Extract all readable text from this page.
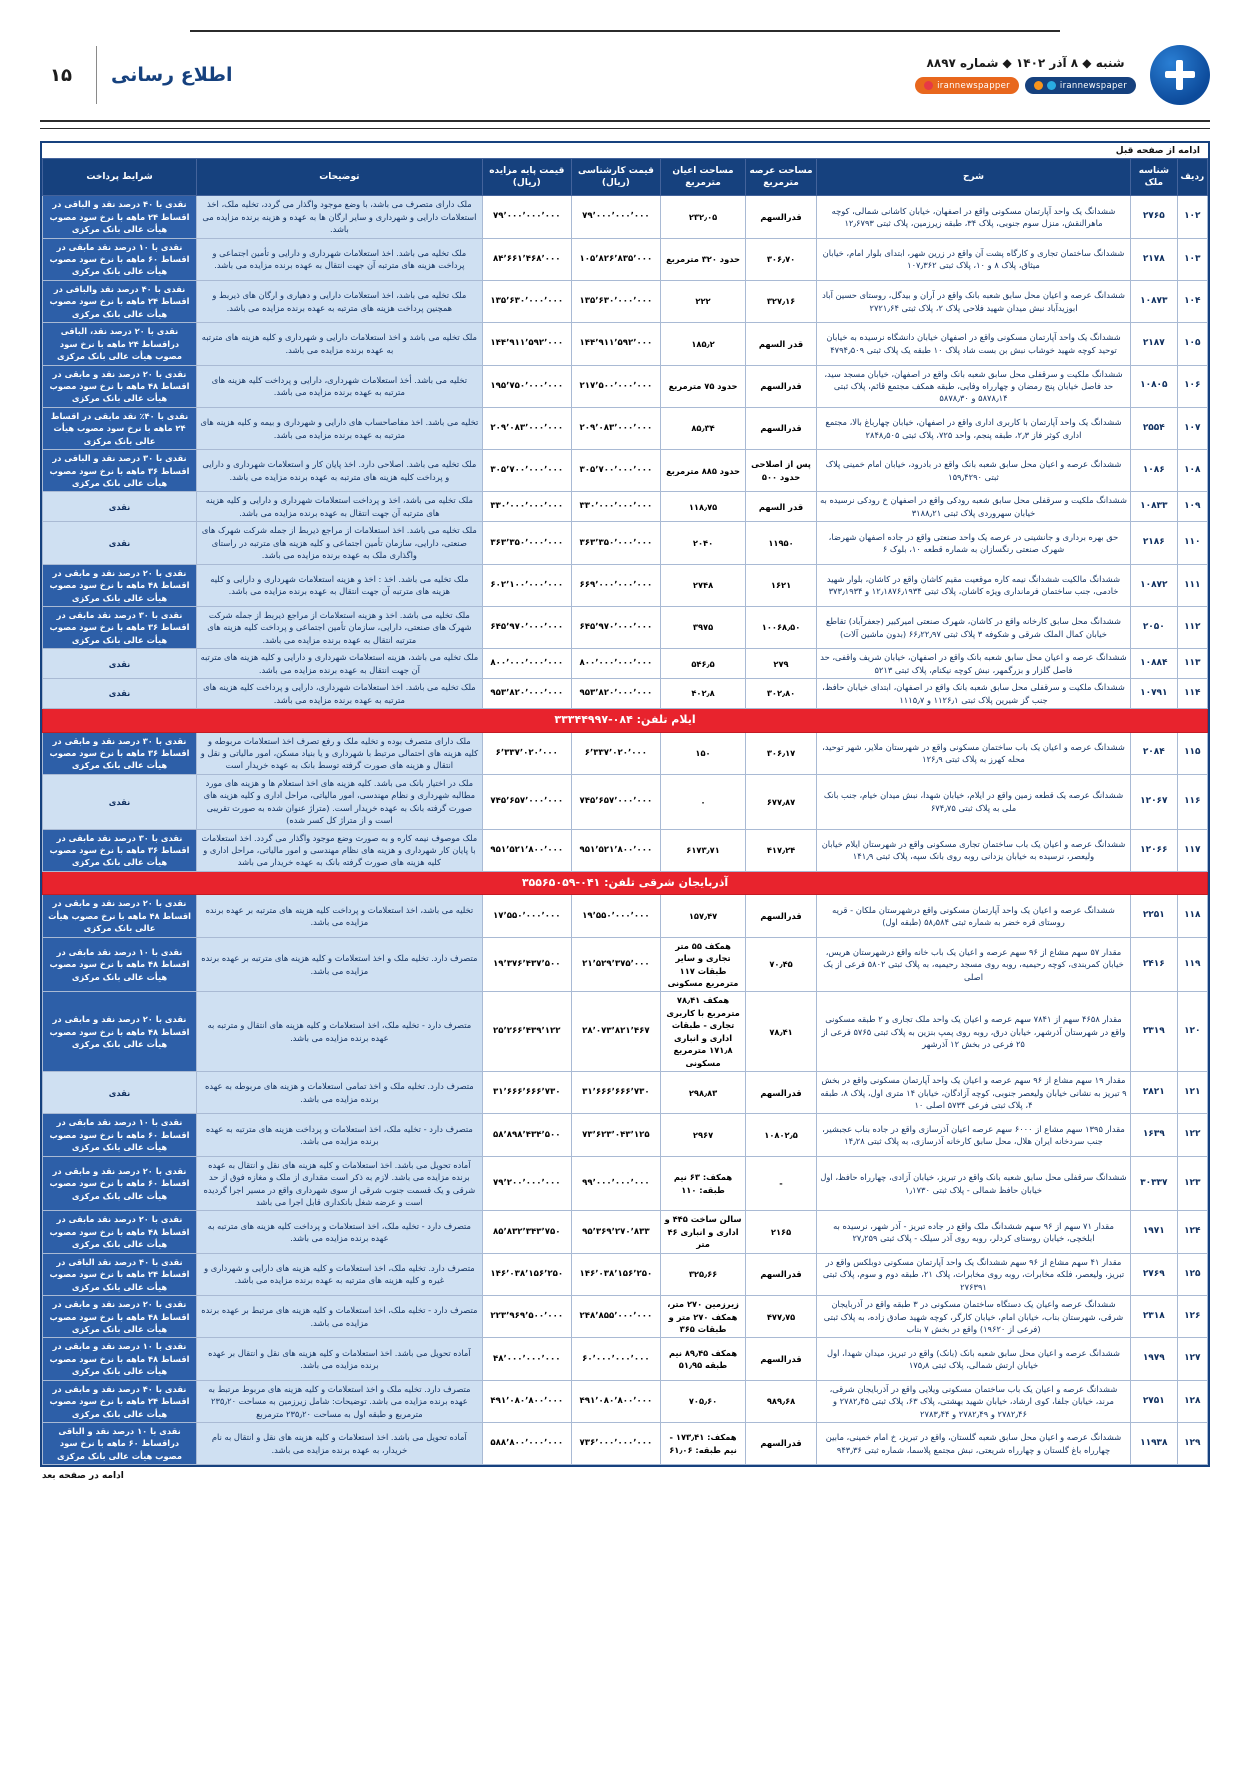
۱۵	اطلاع رسانی
شنبه ◆ ۸ آذر ۱۴۰۲ ◆ شماره ۸۸۹۷
irannewspapper	irannewspaper
ادامه از صفحه قبل
ردیف	شناسه ملک	شرح	مساحت عرصه مترمربع	مساحت اعیان مترمربع	قیمت کارشناسی (ریال)	قیمت پایه مزایده (ریال)	توضیحات	شرایط پرداخت
۱۰۲	۲۷۶۵	ششدانگ یک واحد آپارتمان مسکونی واقع در اصفهان، خیابان کاشانی شمالی، کوچه ماهرالنقش، منزل سوم جنوبی، پلاک ۳۴، طبقه زیرزمین، پلاک ثبتی ۱۲٫۶۷۹۳	قدرالسهم	۲۳۲٫۰۵	۷۹٬۰۰۰٬۰۰۰٬۰۰۰	۷۹٬۰۰۰٬۰۰۰٬۰۰۰	ملک دارای متصرف می باشد، با وضع موجود واگذار می گردد، تخلیه ملک، اخذ استعلامات دارایی و شهرداری و سایر ارگان ها به عهده و هزینه برنده مزایده می باشد.	نقدی با ۴۰ درصد نقد و الباقی در اقساط ۲۴ ماهه با نرخ سود مصوب هیأت عالی بانک مرکزی
۱۰۳	۲۱۷۸	ششدانگ ساختمان تجاری و کارگاه پشت آن واقع در زرین شهر، ابتدای بلوار امام، خیابان میثاق، پلاک ۸ و ۱۰، پلاک ثبتی ۱۰۷٫۳۶۲	۳۰۶٫۷۰	حدود ۳۲۰ مترمربع	۱۰۵٬۸۲۶٬۸۳۵٬۰۰۰	۸۴٬۶۶۱٬۴۶۸٬۰۰۰	ملک تخلیه می باشد. اخذ استعلامات شهرداری و دارایی و تأمین اجتماعی و پرداخت هزینه های مترتبه آن جهت انتقال به عهده برنده مزایده می باشد.	نقدی با ۱۰ درصد نقد مابقی در اقساط ۶۰ ماهه با نرخ سود مصوب هیأت عالی بانک مرکزی
۱۰۴	۱۰۸۷۳	ششدانگ عرصه و اعیان محل سابق شعبه بانک واقع در آران و بیدگل، روستای حسین آباد ابوزیدآباد نبش میدان شهید فلاحی پلاک ۲، پلاک ثبتی ۲۷۲۱٫۶۴	۳۲۷٫۱۶	۲۲۲	۱۳۵٬۶۳۰٬۰۰۰٬۰۰۰	۱۳۵٬۶۳۰٬۰۰۰٬۰۰۰	ملک تخلیه می باشد، اخذ استعلامات دارایی و دهیاری و ارگان های ذیربط و همچنین پرداخت هزینه های مترتبه به عهده برنده مزایده می باشد.	نقدی با ۴۰ درصد نقد والباقی در اقساط ۲۴ ماهه با نرخ سود مصوب هیأت عالی بانک مرکزی
۱۰۵	۲۱۸۷	ششدانگ یک واحد آپارتمان مسکونی واقع در اصفهان خیابان دانشگاه نرسیده به خیابان توحید کوچه شهید خوشاب نبش بن بست شاد پلاک ۱۰ طبقه یک پلاک ثبتی ۴۷۹۴٫۵۰۹	قدر السهم	۱۸۵٫۲	۱۴۴٬۹۱۱٬۵۹۲٬۰۰۰	۱۴۴٬۹۱۱٬۵۹۲٬۰۰۰	ملک تخلیه می باشد و اخذ استعلامات دارایی و شهرداری و کلیه هزینه های مترتبه به عهده برنده مزایده می باشد.	نقدی با ۲۰ درصد نقد، الباقی دراقساط ۲۴ ماهه با نرخ سود مصوب هیأت عالی بانک مرکزی
۱۰۶	۱۰۸۰۵	ششدانگ ملکیت و سرقفلی محل سابق شعبه بانک واقع در اصفهان، خیابان مسجد سید، حد فاصل خیابان پنج رمضان و چهارراه وفایی، طبقه همکف مجتمع قائم، پلاک ثبتی ۵۸۷۸٫۱۴ و ۵۸۷۸٫۳۰	قدرالسهم	حدود ۷۵ مترمربع	۲۱۷٬۵۰۰٬۰۰۰٬۰۰۰	۱۹۵٬۷۵۰٬۰۰۰٬۰۰۰	تخلیه می باشد. أخذ استعلامات شهرداری، دارایی و پرداخت کلیه هزینه های مترتبه به عهده برنده مزایده می باشد.	نقدی با ۲۰ درصد نقد و مابقی در اقساط ۴۸ ماهه با نرخ سود مصوب هیأت عالی بانک مرکزی
۱۰۷	۲۵۵۴	ششدانگ یک واحد آپارتمان با کاربری اداری واقع در اصفهان، خیابان چهارباغ بالا، مجتمع اداری کوثر فاز ۲٫۳، طبقه پنجم، واحد ۷۲۵، پلاک ثبتی ۲۸۴۸٫۵۰۵	قدرالسهم	۸۵٫۳۴	۲۰۹٬۰۸۳٬۰۰۰٬۰۰۰	۲۰۹٬۰۸۳٬۰۰۰٬۰۰۰	تخلیه می باشد. اخذ مفاصاحساب های دارایی و شهرداری و بیمه و کلیه هزینه های مترتبه به عهده برنده مزایده می باشد.	نقدی با ۴۰٪ نقد مابقی در اقساط ۲۴ ماهه با نرخ سود مصوب هیأت عالی بانک مرکزی
۱۰۸	۱۰۸۶	ششدانگ عرصه و اعیان محل سابق شعبه بانک واقع در بادرود، خیابان امام خمینی پلاک ثبتی ۱۵۹٫۴۲۹۰	پس از اصلاحی حدود ۵۰۰	حدود ۸۸۵ مترمربع	۳۰۵٬۷۰۰٬۰۰۰٬۰۰۰	۳۰۵٬۷۰۰٬۰۰۰٬۰۰۰	ملک تخلیه می باشد. اصلاحی دارد. اخذ پایان کار و استعلامات شهرداری و دارایی و پرداخت کلیه هزینه های مترتبه به عهده برنده مزایده می باشد.	نقدی با ۳۰ درصد نقد و الباقی در اقساط ۳۶ ماهه با نرخ سود مصوب هیأت عالی بانک مرکزی
۱۰۹	۱۰۸۳۳	ششدانگ ملکیت و سرقفلی محل سابق شعبه رودکی واقع در اصفهان خ رودکی نرسیده به خیابان سهروردی پلاک ثبتی ۳۱۸۸٫۲۱	قدر السهم	۱۱۸٫۷۵	۳۳۰٬۰۰۰٬۰۰۰٬۰۰۰	۳۳۰٬۰۰۰٬۰۰۰٬۰۰۰	ملک تخلیه می باشد، اخذ و پرداخت استعلامات شهرداری و دارایی و کلیه هزینه های مترتبه آن جهت انتقال به عهده برنده مزایده می باشد.	نقدی
۱۱۰	۲۱۸۶	حق بهره برداری و جانشینی در عرصه یک واحد صنعتی واقع در جاده اصفهان شهرضا، شهرک صنعتی رنگسازان به شماره قطعه ۱۰، بلوک ۶	۱۱۹۵۰	۲۰۴۰	۳۶۳٬۳۵۰٬۰۰۰٬۰۰۰	۳۶۳٬۳۵۰٬۰۰۰٬۰۰۰	ملک تخلیه می باشد. اخذ استعلامات از مراجع ذیربط از جمله شرکت شهرک های صنعتی، دارایی، سازمان تأمین اجتماعی و کلیه هزینه های مترتبه در راستای واگذاری ملک به عهده برنده مزایده می باشد.	نقدی
۱۱۱	۱۰۸۷۲	ششدانگ مالکیت ششدانگ نیمه کاره موقعیت مقیم کاشان واقع در کاشان، بلوار شهید خادمی، جنب ساختمان فرمانداری ویژه کاشان، پلاک ثبتی ۱۲٫۱۸۷۶٫۱۹۳۴ و ۳۷۳٫۱۹۳۴	۱۶۲۱	۲۷۴۸	۶۶۹٬۰۰۰٬۰۰۰٬۰۰۰	۶۰۲٬۱۰۰٬۰۰۰٬۰۰۰	ملک تخلیه می باشد. اخذ : اخذ و هزینه استعلامات شهرداری و دارایی و کلیه هزینه های مترتبه آن جهت انتقال به عهده برنده مزایده می باشد.	نقدی با ۲۰ درصد نقد و مابقی در اقساط ۴۸ ماهه با نرخ سود مصوب هیأت عالی بانک مرکزی
۱۱۲	۲۰۵۰	ششدانگ محل سابق کارخانه واقع در کاشان، شهرک صنعتی امیرکبیر (جعفرآباد) تقاطع خیابان کمال الملک شرقی و شکوفه ۳ پلاک ثبتی ۶۶٫۲۲٫۹۷ (بدون ماشین آلات)	۱۰۰۶۸٫۵۰	۳۹۷۵	۶۴۵٬۹۷۰٬۰۰۰٬۰۰۰	۶۴۵٬۹۷۰٬۰۰۰٬۰۰۰	ملک تخلیه می باشد. اخذ و هزینه استعلامات از مراجع ذیربط از جمله شرکت شهرک های صنعتی، دارایی، سازمان تأمین اجتماعی و پرداخت کلیه هزینه های مترتبه انتقال به عهده برنده مزایده می باشد.	نقدی با ۳۰ درصد نقد مابقی در اقساط ۳۶ ماهه با نرخ سود مصوب هیأت عالی بانک مرکزی
۱۱۳	۱۰۸۸۴	ششدانگ عرصه و اعیان محل سابق شعبه بانک واقع در اصفهان، خیابان شریف واقفی، حد فاصل گلزار و بزرگمهر، نبش کوچه نیکنام، پلاک ثبتی ۵۲۱۳	۲۷۹	۵۴۶٫۵	۸۰۰٬۰۰۰٬۰۰۰٬۰۰۰	۸۰۰٬۰۰۰٬۰۰۰٬۰۰۰	ملک تخلیه می باشد، هزینه استعلامات شهرداری و دارایی و کلیه هزینه های مترتبه آن جهت انتقال به عهده برنده مزایده می باشد.	نقدی
۱۱۴	۱۰۷۹۱	ششدانگ ملکیت و سرقفلی محل سابق شعبه بانک واقع در اصفهان، ابتدای خیابان حافظ، جنب گز شیرین پلاک ثبتی ۱۱۲۶٫۱ و ۱۱۱۵٫۷	۳۰۲٫۸۰	۴۰۲٫۸	۹۵۳٬۸۲۰٬۰۰۰٬۰۰۰	۹۵۳٬۸۲۰٬۰۰۰٬۰۰۰	ملک تخلیه می باشد. اخذ استعلامات شهرداری، دارایی و پرداخت کلیه هزینه های مترتبه به عهده برنده مزایده می باشد.	نقدی
ایلام تلفن: ۰۸۴-۳۳۳۴۴۹۹۷								
۱۱۵	۲۰۸۴	ششدانگ عرصه و اعیان یک باب ساختمان مسکونی واقع در شهرستان ملایر، شهر توحید، محله کهرز به پلاک ثبتی ۱۲۶٫۹	۳۰۶٫۱۷	۱۵۰	۶٬۳۳۷٬۰۲۰٬۰۰۰	۶٬۳۳۷٬۰۲۰٬۰۰۰	ملک دارای متصرف بوده و تخلیه ملک و رفع تصرف اخذ استعلامات مربوطه و کلیه هزینه های احتمالی مرتبط با شهرداری و یا بنیاد مسکن، امور مالیاتی و نقل و انتقال و هزینه های صورت گرفته توسط بانک به عهده خریدار است	نقدی با ۳۰ درصد نقد و مابقی در اقساط ۳۶ ماهه با نرخ سود مصوب هیأت عالی بانک مرکزی
۱۱۶	۱۲۰۶۷	ششدانگ عرصه یک قطعه زمین واقع در ایلام، خیابان شهدا، نبش میدان خیام، جنب بانک ملی به پلاک ثبتی ۶۷۴٫۷۵	۶۷۷٫۸۷	۰	۷۴۵٬۶۵۷٬۰۰۰٬۰۰۰	۷۴۵٬۶۵۷٬۰۰۰٬۰۰۰	ملک در اختیار بانک می باشد. کلیه هزینه های اخذ استعلام ها و هزینه های مورد مطالبه شهرداری و نظام مهندسی، امور مالیاتی، مراحل اداری و کلیه هزینه های صورت گرفته بانک به عهده خریدار است. (متراژ عنوان شده به صورت تقریبی است و از متراژ کل کسر شده)	نقدی
۱۱۷	۱۲۰۶۶	ششدانگ عرصه و اعیان یک باب ساختمان تجاری مسکونی واقع در شهرستان ایلام خیابان ولیعصر، نرسیده به خیابان یزدانی روبه روی بانک سپه، پلاک ثبتی ۱۴۱٫۹	۴۱۷٫۲۴	۶۱۷۳٫۷۱	۹۵۱٬۵۲۱٬۸۰۰٬۰۰۰	۹۵۱٬۵۲۱٬۸۰۰٬۰۰۰	ملک موصوف نیمه کاره و به صورت وضع موجود واگذار می گردد. اخذ استعلامات با پایان کار شهرداری و هزینه های نظام مهندسی و امور مالیاتی، مراحل اداری و کلیه هزینه های صورت گرفته بانک به عهده خریدار می باشد	نقدی با ۳۰ درصد نقد مابقی در اقساط ۳۶ ماهه با نرخ سود مصوب هیأت عالی بانک مرکزی
آذربایجان شرقی تلفن: ۰۴۱-۳۵۵۶۵۰۵۹								
۱۱۸	۲۲۵۱	ششدانگ عرصه و اعیان یک واحد آپارتمان مسکونی واقع درشهرستان ملکان - قریه روستای قره خضر به شماره ثبتی ۵۸٫۵۸۴ (طبقه اول)	قدرالسهم	۱۵۷٫۴۷	۱۹٬۵۵۰٬۰۰۰٬۰۰۰	۱۷٬۵۵۰٬۰۰۰٬۰۰۰	تخلیه می باشد، اخذ استعلامات و پرداخت کلیه هزینه های مترتبه بر عهده برنده مزایده می باشد.	نقدی با ۲۰ درصد نقد و مابقی در اقساط ۴۸ ماهه با نرخ مصوب هیأت عالی بانک مرکزی
۱۱۹	۲۴۱۶	مقدار ۵۷ سهم مشاع از ۹۶ سهم عرصه و اعیان یک باب خانه واقع درشهرستان هریس، خیابان کمربندی، کوچه رحیمیه، روبه روی مسجد رحیمیه، به پلاک ثبتی ۵۸۰۲ فرعی از یک اصلی	۷۰٫۴۵	همکف ۵۵ متر تجاری و سایر طبقات ۱۱۷ مترمربع مسکونی	۲۱٬۵۲۹٬۳۷۵٬۰۰۰	۱۹٬۳۷۶٬۴۳۷٬۵۰۰	متصرف دارد. تخلیه ملک و اخذ استعلامات و کلیه هزینه های مترتبه بر عهده برنده مزایده می باشد.	نقدی با ۱۰ درصد نقد مابقی در اقساط ۴۸ ماهه با نرخ سود مصوب هیأت عالی بانک مرکزی
۱۲۰	۲۳۱۹	مقدار ۴۶۵۸ سهم از ۷۸۴۱ سهم عرصه و اعیان یک واحد ملک تجاری و ۲ طبقه مسکونی واقع در شهرستان آذرشهر، خیابان درق، روبه روی پمپ بنزین به پلاک ثبتی ۵۷۶۵ فرعی از ۲۵ فرعی در بخش ۱۲ آذرشهر	۷۸٫۴۱	همکف ۷۸٫۴۱ مترمربع با کاربری تجاری - طبقات اداری و انباری ۱۷۱٫۸ مترمربع مسکونی	۲۸٬۰۷۳٬۸۲۱٬۴۶۷	۲۵٬۲۶۶٬۴۳۹٬۱۲۲	متصرف دارد - تخلیه ملک، اخذ استعلامات و کلیه هزینه های انتقال و مترتبه به عهده برنده مزایده می باشد.	نقدی با ۲۰ درصد نقد و مابقی در اقساط ۴۸ ماهه با نرخ سود مصوب هیأت عالی بانک مرکزی
۱۲۱	۲۸۲۱	مقدار ۱۹ سهم مشاع از ۹۶ سهم عرصه و اعیان یک واحد آپارتمان مسکونی واقع در بخش ۹ تبریز به نشانی خیابان ولیعصر جنوبی، کوچه آزادگان، خیابان ۱۴ متری اول، پلاک ۸، طبقه ۴، پلاک ثبتی فرعی ۵۷۳۴ اصلی ۱۰	قدرالسهم	۲۹۸٫۸۳	۳۱٬۶۶۶٬۶۶۶٬۷۳۰	۳۱٬۶۶۶٬۶۶۶٬۷۳۰	متصرف دارد. تخلیه ملک و اخذ تمامی استعلامات و هزینه های مربوطه به عهده برنده مزایده می باشد.	نقدی
۱۲۲	۱۶۳۹	مقدار ۱۳۹۵ سهم مشاع از ۶۰۰۰ سهم عرصه اعیان آذرسازی واقع در جاده بناب عجبشیر، جنب سردخانه ایران هلال، محل سابق کارخانه آذرسازی، به پلاک ثبتی ۱۴٫۲۸	۱۰۸۰۲٫۵	۲۹۶۷	۷۳٬۶۲۳٬۰۴۳٬۱۲۵	۵۸٬۸۹۸٬۴۳۴٬۵۰۰	متصرف دارد - تخلیه ملک، اخذ استعلامات و پرداخت هزینه های مترتبه به عهده برنده مزایده می باشد.	نقدی با ۱۰ درصد نقد مابقی در اقساط ۶۰ ماهه با نرخ سود مصوب هیأت عالی بانک مرکزی
۱۲۳	۳۰۳۳۷	ششدانگ سرقفلی محل سابق شعبه بانک واقع در تبریز، خیابان آزادی، چهارراه حافظ، اول خیابان حافظ شمالی - پلاک ثبتی ۱٫۱۷۳۰	-	همکف: ۶۳ نیم طبقه: ۱۱۰	۹۹٬۰۰۰٬۰۰۰٬۰۰۰	۷۹٬۲۰۰٬۰۰۰٬۰۰۰	آماده تحویل می باشد. اخذ استعلامات و کلیه هزینه های نقل و انتقال به عهده برنده مزایده می باشد. لازم به ذکر است مقداری از ملک و مغازه فوق از حد شرقی و یک قسمت جنوب شرقی از سوی شهرداری واقع در مسیر اجرا گردیده است و عرضه شغل بانکداری قابل اجرا می باشد	نقدی با ۲۰ درصد نقد و مابقی در اقساط ۶۰ ماهه با نرخ سود مصوب هیأت عالی بانک مرکزی
۱۲۴	۱۹۷۱	مقدار ۷۱ سهم از ۹۶ سهم ششدانگ ملک واقع در جاده تبریز - آذر شهر، نرسیده به ابلخچی، خیابان روستای کردلر، روبه روی آذر سیلک - پلاک ثبتی ۲۷٫۲۵۹	۲۱۶۵	سالن ساخت ۴۴۵ و اداری و انباری ۴۶ متر	۹۵٬۳۶۹٬۲۷۰٬۸۳۳	۸۵٬۸۳۲٬۳۴۳٬۷۵۰	متصرف دارد - تخلیه ملک، اخذ استعلامات و پرداخت کلیه هزینه های مترتبه به عهده برنده مزایده می باشد.	نقدی با ۲۰ درصد نقد مابقی در اقساط ۴۸ ماهه با نرخ سود مصوب هیأت عالی بانک مرکزی
۱۲۵	۲۷۶۹	مقدار ۴۱ سهم مشاع از ۹۶ سهم ششدانگ یک واحد آپارتمان مسکونی دوبلکس واقع در تبریز، ولیعصر، فلکه مخابرات، روبه روی مخابرات، پلاک ۲۱، طبقه دوم و سوم، پلاک ثبتی ۲۷۶۳۹۱	قدرالسهم	۳۲۵٫۶۶	۱۴۶٬۰۳۸٬۱۵۶٬۲۵۰	۱۴۶٬۰۳۸٬۱۵۶٬۲۵۰	متصرف دارد. تخلیه ملک، اخذ استعلامات و کلیه هزینه های دارایی و شهرداری و غیره و کلیه هزینه های مترتبه به عهده برنده مزایده می باشد.	نقدی با ۴۰ درصد نقد الباقی در اقساط ۲۴ ماهه با نرخ سود مصوب هیأت عالی بانک مرکزی
۱۲۶	۲۳۱۸	ششدانگ عرصه واعیان یک دستگاه ساختمان مسکونی در ۳ طبقه واقع در آذربایجان شرقی، شهرستان بناب، خیابان امام، خیابان کارگر، کوچه شهید صادق زاده، به پلاک ثبتی (فرعی از ۱۹۶۲۰) واقع در بخش ۷ بناب	۴۷۷٫۷۵	زیرزمین ۲۷۰ متر، همکف ۲۷۰ متر و طبقات ۳۶۵	۲۴۸٬۸۵۵٬۰۰۰٬۰۰۰	۲۲۳٬۹۶۹٬۵۰۰٬۰۰۰	متصرف دارد - تخلیه ملک، اخذ استعلامات و کلیه هزینه های مرتبط بر عهده برنده مزایده می باشد.	نقدی با ۲۰ درصد نقد و مابقی در اقساط ۴۸ ماهه با نرخ سود مصوب هیأت عالی بانک مرکزی
۱۲۷	۱۹۷۹	ششدانگ عرصه و اعیان محل سابق شعبه بانک (بانک) واقع در تبریز، میدان شهدا، اول خیابان ارتش شمالی، پلاک ثبتی ۱۷۵٫۸	قدرالسهم	همکف ۸۹٫۴۵ نیم طبقه ۵۱٫۹۵	۶۰٬۰۰۰٬۰۰۰٬۰۰۰	۴۸٬۰۰۰٬۰۰۰٬۰۰۰	آماده تحویل می باشد. اخذ استعلامات و کلیه هزینه های نقل و انتقال بر عهده برنده مزایده می باشد.	نقدی با ۱۰ درصد نقد و مابقی در اقساط ۴۸ ماهه با نرخ سود مصوب هیأت عالی بانک مرکزی
۱۲۸	۲۷۵۱	ششدانگ عرصه و اعیان یک باب ساختمان مسکونی ویلایی واقع در آذربایجان شرقی، مرند، خیابان جلفا، کوی ارشاد، خیابان شهید بهشتی، پلاک ۶۳، پلاک ثبتی ۲۷۸۲٫۴۵ و ۲۷۸۲٫۴۶ و ۲۷۸۲٫۴۹ و ۲۷۸۳٫۴۴	۹۸۹٫۶۸	۷۰۵٫۶۰	۴۹۱٬۰۸۰٬۸۰۰٬۰۰۰	۴۹۱٬۰۸۰٬۸۰۰٬۰۰۰	متصرف دارد. تخلیه ملک و اخذ استعلامات و کلیه هزینه های مربوط مرتبط به عهده برنده مزایده می باشد. توضیحات: شامل زیرزمین به مساحت ۲۳۵٫۲۰ مترمربع و طبقه اول به مساحت ۲۳۵٫۲۰ مترمربع	نقدی با ۴۰ درصد نقد و مابقی در اقساط ۲۴ ماهه با نرخ سود مصوب هیأت عالی بانک مرکزی
۱۲۹	۱۱۹۳۸	ششدانگ عرصه و اعیان محل سابق شعبه گلستان، واقع در تبریز، خ امام خمینی، مابین چهارراه باغ گلستان و چهارراه شریعتی، نبش مجتمع پلاسما، شماره ثبتی ۹۴۳٫۳۶	قدرالسهم	همکف: ۱۷۳٫۴۱ - نیم طبقه: ۶۱٫۰۶	۷۳۶٬۰۰۰٬۰۰۰٬۰۰۰	۵۸۸٬۸۰۰٬۰۰۰٬۰۰۰	آماده تحویل می باشد. اخذ استعلامات و کلیه هزینه های نقل و انتقال به نام خریدار، به عهده برنده مزایده می باشد.	نقدی با ۱۰ درصد نقد و الباقی دراقساط ۶۰ ماهه با نرخ سود مصوب هیأت عالی بانک مرکزی
ادامه در صفحه بعد
